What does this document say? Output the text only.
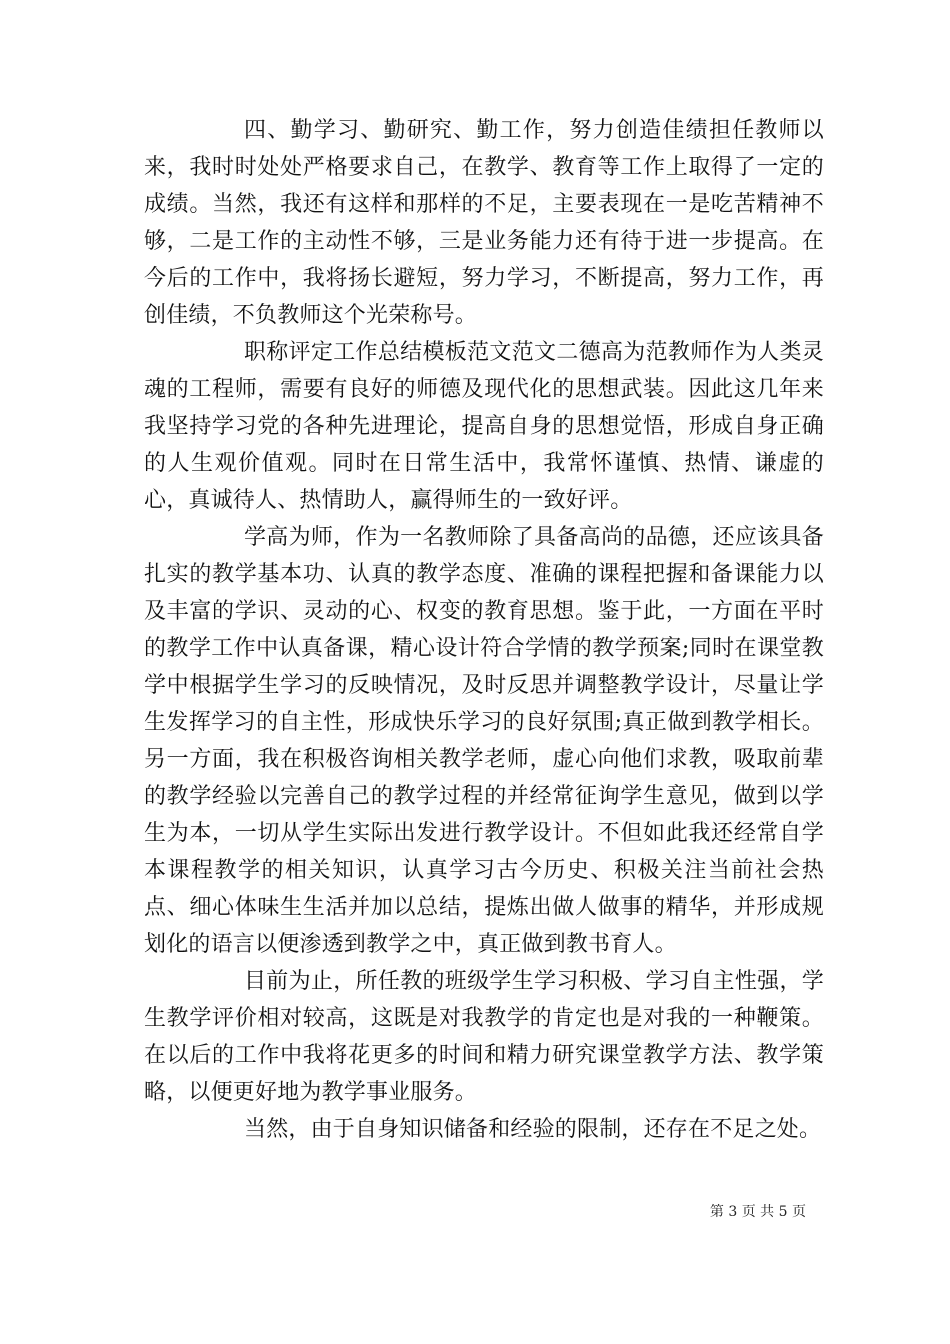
四、勤学习、勤研究、勤工作，努力创造佳绩担任教师以来，我时时处处严格要求自己，在教学、教育等工作上取得了一定的成绩。当然，我还有这样和那样的不足，主要表现在一是吃苦精神不够，二是工作的主动性不够，三是业务能力还有待于进一步提高。在今后的工作中，我将扬长避短，努力学习，不断提高，努力工作，再创佳绩，不负教师这个光荣称号。

职称评定工作总结模板范文范文二德高为范教师作为人类灵魂的工程师，需要有良好的师德及现代化的思想武装。因此这几年来我坚持学习党的各种先进理论，提高自身的思想觉悟，形成自身正确的人生观价值观。同时在日常生活中，我常怀谨慎、热情、谦虚的心，真诚待人、热情助人，赢得师生的一致好评。

学高为师，作为一名教师除了具备高尚的品德，还应该具备扎实的教学基本功、认真的教学态度、准确的课程把握和备课能力以及丰富的学识、灵动的心、权变的教育思想。鉴于此，一方面在平时的教学工作中认真备课，精心设计符合学情的教学预案;同时在课堂教学中根据学生学习的反映情况，及时反思并调整教学设计，尽量让学生发挥学习的自主性，形成快乐学习的良好氛围;真正做到教学相长。另一方面，我在积极咨询相关教学老师，虚心向他们求教，吸取前辈的教学经验以完善自己的教学过程的并经常征询学生意见，做到以学生为本，一切从学生实际出发进行教学设计。不但如此我还经常自学本课程教学的相关知识，认真学习古今历史、积极关注当前社会热点、细心体味生生活并加以总结，提炼出做人做事的精华，并形成规划化的语言以便渗透到教学之中，真正做到教书育人。

目前为止，所任教的班级学生学习积极、学习自主性强，学生教学评价相对较高，这既是对我教学的肯定也是对我的一种鞭策。在以后的工作中我将花更多的时间和精力研究课堂教学方法、教学策略，以便更好地为教学事业服务。

当然，由于自身知识储备和经验的限制，还存在不足之处。

第 3 页 共 5 页
